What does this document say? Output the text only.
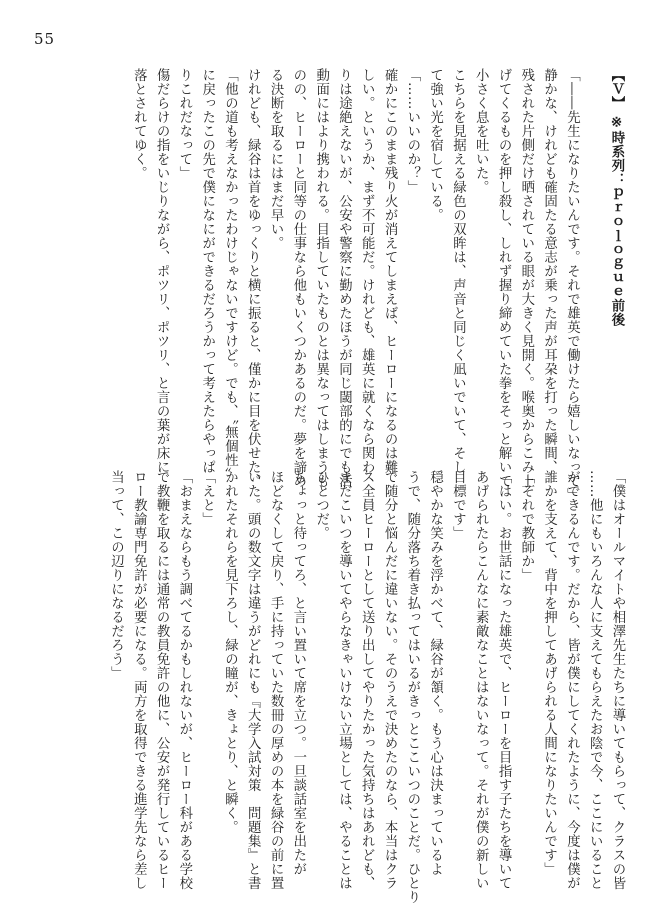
55
【Ｖ】 ※時系列：ｐｒｏｌｏｇｕｅ前後

「――先生になりたいんです。それで雄英で働けたら嬉しいなって」
静かな、けれども確固たる意志が乗った声が耳朶を打った瞬間、
残された片側だけ晒されている眼が大きく見開く。喉奥からこみ上
げてくるものを押し殺し、しれず握り締めていた拳をそっと解いて
小さく息を吐いた。
こちらを見据える緑色の双眸は、声音と同じく凪いでいて、そし
て強い光を宿している。
「……いいのか？」
確かにこのまま残り火が消えてしまえば、ヒーローになるのは難
しい。というか、まず不可能だ。けれども、雄英に就くなら関わ
りは途絶えないが、公安や警察に勤めたほうが同じ閾部的にでも活
動面にはより携われる。目指していたものとは異なってはしまうも
のの、ヒーローと同等の仕事なら他もいくつかあるのだ。夢を諦め
る決断を取るにはまだ早い。
けれども、緑谷は首をゆっくりと横に振ると、僅かに目を伏せた。
「他の道も考えなかったわけじゃないですけど。でも、〝無個性〟
に戻ったこの先で僕になにができるだろうかって考えたらやっぱ
りこれだなって」
傷だらけの指をいじりながら、ポツリ、ポツリ、と言の葉が床に
落とされてゆく。
「僕はオールマイトや相澤先生たちに導いてもらって、クラスの皆
……他にもいろんな人に支えてもらえたお陰で今、ここにいること
ができるんです。だから、皆が僕にしてくれたように、今度は僕が
誰かを支えて、背中を押してあげられる人間になりたいんです」
「それで教師か」
「はい。お世話になった雄英で、ヒーローを目指す子たちを導いて
あげられたらこんなに素敵なことはないなって。それが僕の新しい
目標です」
穏やかな笑みを浮かべて、緑谷が頷く。もう心は決まっているよ
うで、随分落ち着き払ってはいるがきっとここいつのことだ。ひとり
で随分と悩んだに違いない。そのうえで決めたのなら、本当はクラ
ス全員ヒーローとして送り出してやりたかった気持ちはあれども、
まだこいつを導いてやらなきゃいけない立場としては、やることは
ひとつだ。
ちょっと待ってろ、と言い置いて席を立つ。一旦談話室を出たが
ほどなくして戻り、手に持っていた数冊の厚めの本を緑谷の前に置
いた。頭の数文字は違うがどれにも『大学入試対策　問題集』と書
かれたそれらを見下ろし、緑の瞳が、きょとり、と瞬く。
「えと」
「おまえならもう調べてるかもしれないが、ヒーロー科がある学校
で教鞭を取るには通常の教員免許の他に、公安が発行しているヒー
ロー教諭専門免許が必要になる。両方を取得できる進学先なら差し
当って、この辺りになるだろう」
